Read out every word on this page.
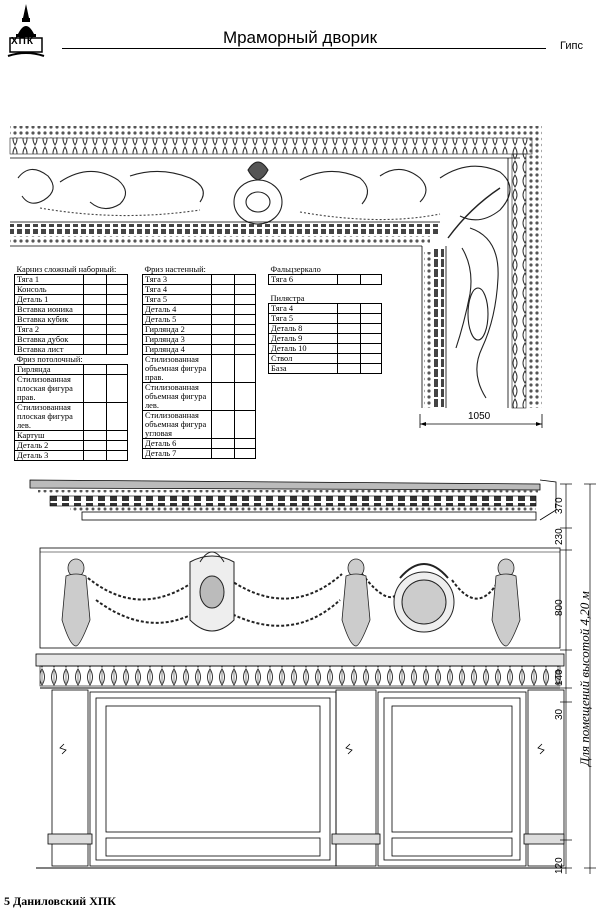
ХПК	Мраморный дворик	Гипс
1050
Карниз сложный наборный:		
Тяга 1		
Консоль		
Деталь 1		
Вставка ионика		
Вставка кубик		
Тяга 2		
Вставка дубок		
Вставка лист		
Фриз потолочный:		
Гирлянда		
Стилизованная плоская фигура прав.		
Стилизованная плоская фигура лев.		
Картуш		
Деталь 2		
Деталь 3		
Фриз настенный:		
Тяга 3		
Тяга 4		
Тяга 5		
Деталь 4		
Деталь 5		
Гирлянда 2		
Гирлянда 3		
Гирлянда 4		
Стилизованная объемная фигура прав.		
Стилизованная объемная фигура лев.		
Стилизованная объемная фигура угловая		
Деталь 6		
Деталь 7		
Фальцзеркало
Тяга 6		
Пилястра		
Тяга 4		
Тяга 5		
Деталь 8		
Деталь 9		
Деталь 10		
Ствол		
База		
370
230
800
140
30
120
Для помещений высотой 4,20 м
5 Даниловский ХПК
